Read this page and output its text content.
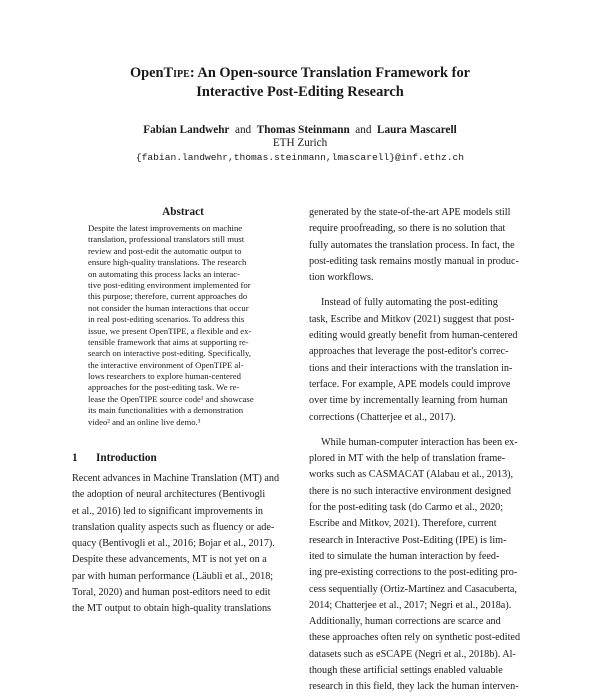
OpenTipe: An Open-source Translation Framework for
Interactive Post-Editing Research
Fabian Landwehr and Thomas Steinmann and Laura Mascarell
ETH Zurich
{fabian.landwehr,thomas.steinmann,lmascarell}@inf.ethz.ch
Abstract
Despite the latest improvements on machine
translation, professional translators still must
review and post-edit the automatic output to
ensure high-quality translations. The research
on automating this process lacks an interac-
tive post-editing environment implemented for
this purpose; therefore, current approaches do
not consider the human interactions that occur
in real post-editing scenarios. To address this
issue, we present OpenTIPE, a flexible and ex-
tensible framework that aims at supporting re-
search on interactive post-editing. Specifically,
the interactive environment of OpenTIPE al-
lows researchers to explore human-centered
approaches for the post-editing task. We re-
lease the OpenTIPE source code¹ and showcase
its main functionalities with a demonstration
video² and an online live demo.³
1 Introduction
Recent advances in Machine Translation (MT) and
the adoption of neural architectures (Bentivogli
et al., 2016) led to significant improvements in
translation quality aspects such as fluency or ade-
quacy (Bentivogli et al., 2016; Bojar et al., 2017).
Despite these advancements, MT is not yet on a
par with human performance (Läubli et al., 2018;
Toral, 2020) and human post-editors need to edit
the MT output to obtain high-quality translations
generated by the state-of-the-art APE models still
require proofreading, so there is no solution that
fully automates the translation process. In fact, the
post-editing task remains mostly manual in produc-
tion workflows.
Instead of fully automating the post-editing
task, Escribe and Mitkov (2021) suggest that post-
editing would greatly benefit from human-centered
approaches that leverage the post-editor's correc-
tions and their interactions with the translation in-
terface. For example, APE models could improve
over time by incrementally learning from human
corrections (Chatterjee et al., 2017).
While human-computer interaction has been ex-
plored in MT with the help of translation frame-
works such as CASMACAT (Alabau et al., 2013),
there is no such interactive environment designed
for the post-editing task (do Carmo et al., 2020;
Escribe and Mitkov, 2021). Therefore, current
research in Interactive Post-Editing (IPE) is lim-
ited to simulate the human interaction by feed-
ing pre-existing corrections to the post-editing pro-
cess sequentially (Ortiz-Martínez and Casacuberta,
2014; Chatterjee et al., 2017; Negri et al., 2018a).
Additionally, human corrections are scarce and
these approaches often rely on synthetic post-edited
datasets such as eSCAPE (Negri et al., 2018b). Al-
though these artificial settings enabled valuable
research in this field, they lack the human interven-
